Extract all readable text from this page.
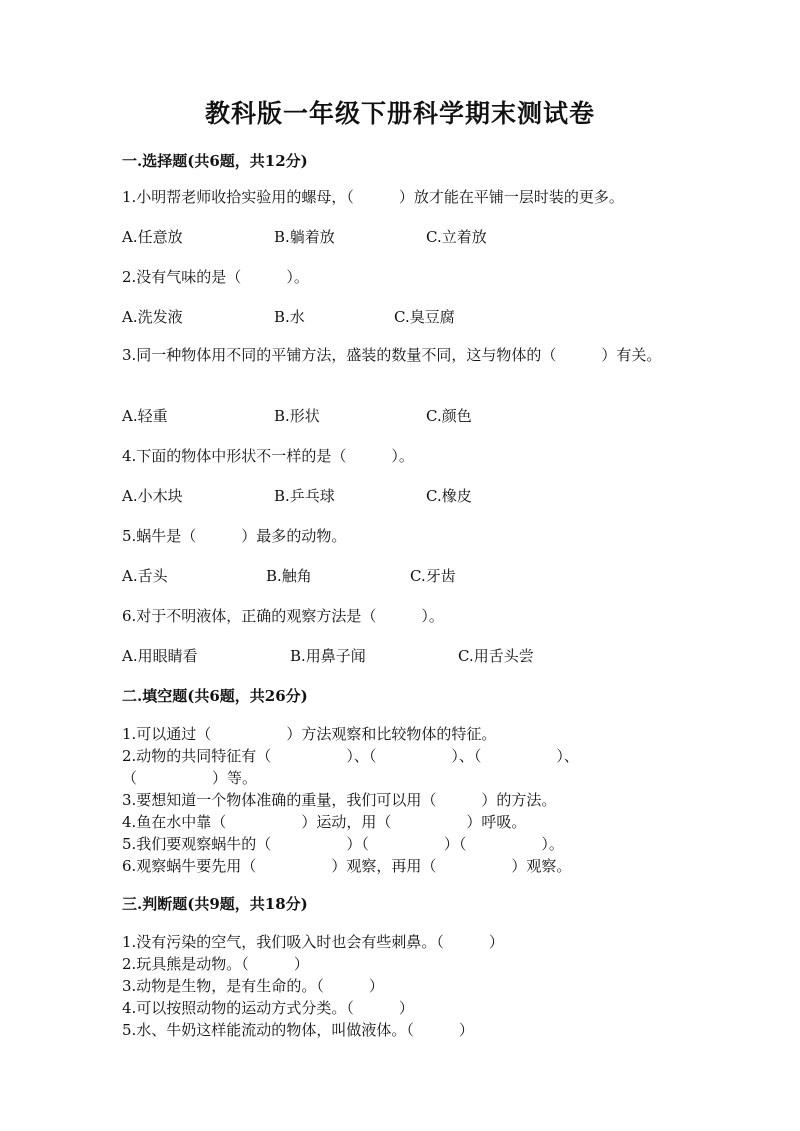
教科版一年级下册科学期末测试卷
一.选择题(共6题，共12分)
1.小明帮老师收拾实验用的螺母，（　　　）放才能在平铺一层时装的更多。
A.任意放	B.躺着放	C.立着放
2.没有气味的是（　　　）。
A.洗发液	B.水	C.臭豆腐
3.同一种物体用不同的平铺方法，盛装的数量不同，这与物体的（　　　）有关。
A.轻重	B.形状	C.颜色
4.下面的物体中形状不一样的是（　　　）。
A.小木块	B.乒乓球	C.橡皮
5.蜗牛是（　　　）最多的动物。
A.舌头	B.触角	C.牙齿
6.对于不明液体，正确的观察方法是（　　　）。
A.用眼睛看	B.用鼻子闻	C.用舌头尝
二.填空题(共6题，共26分)
1.可以通过（　　　　　）方法观察和比较物体的特征。
2.动物的共同特征有（　　　　　）、（　　　　　）、（　　　　　）、
（　　　　　）等。
3.要想知道一个物体准确的重量，我们可以用（　　　）的方法。
4.鱼在水中靠（　　　　　）运动，用（　　　　　）呼吸。
5.我们要观察蜗牛的（　　　　　）（　　　　　）（　　　　　）。
6.观察蜗牛要先用（　　　　　）观察，再用（　　　　　）观察。
三.判断题(共9题，共18分)
1.没有污染的空气，我们吸入时也会有些刺鼻。（　　　）
2.玩具熊是动物。（　　　）
3.动物是生物，是有生命的。（　　　）
4.可以按照动物的运动方式分类。（　　　）
5.水、牛奶这样能流动的物体，叫做液体。（　　　）
